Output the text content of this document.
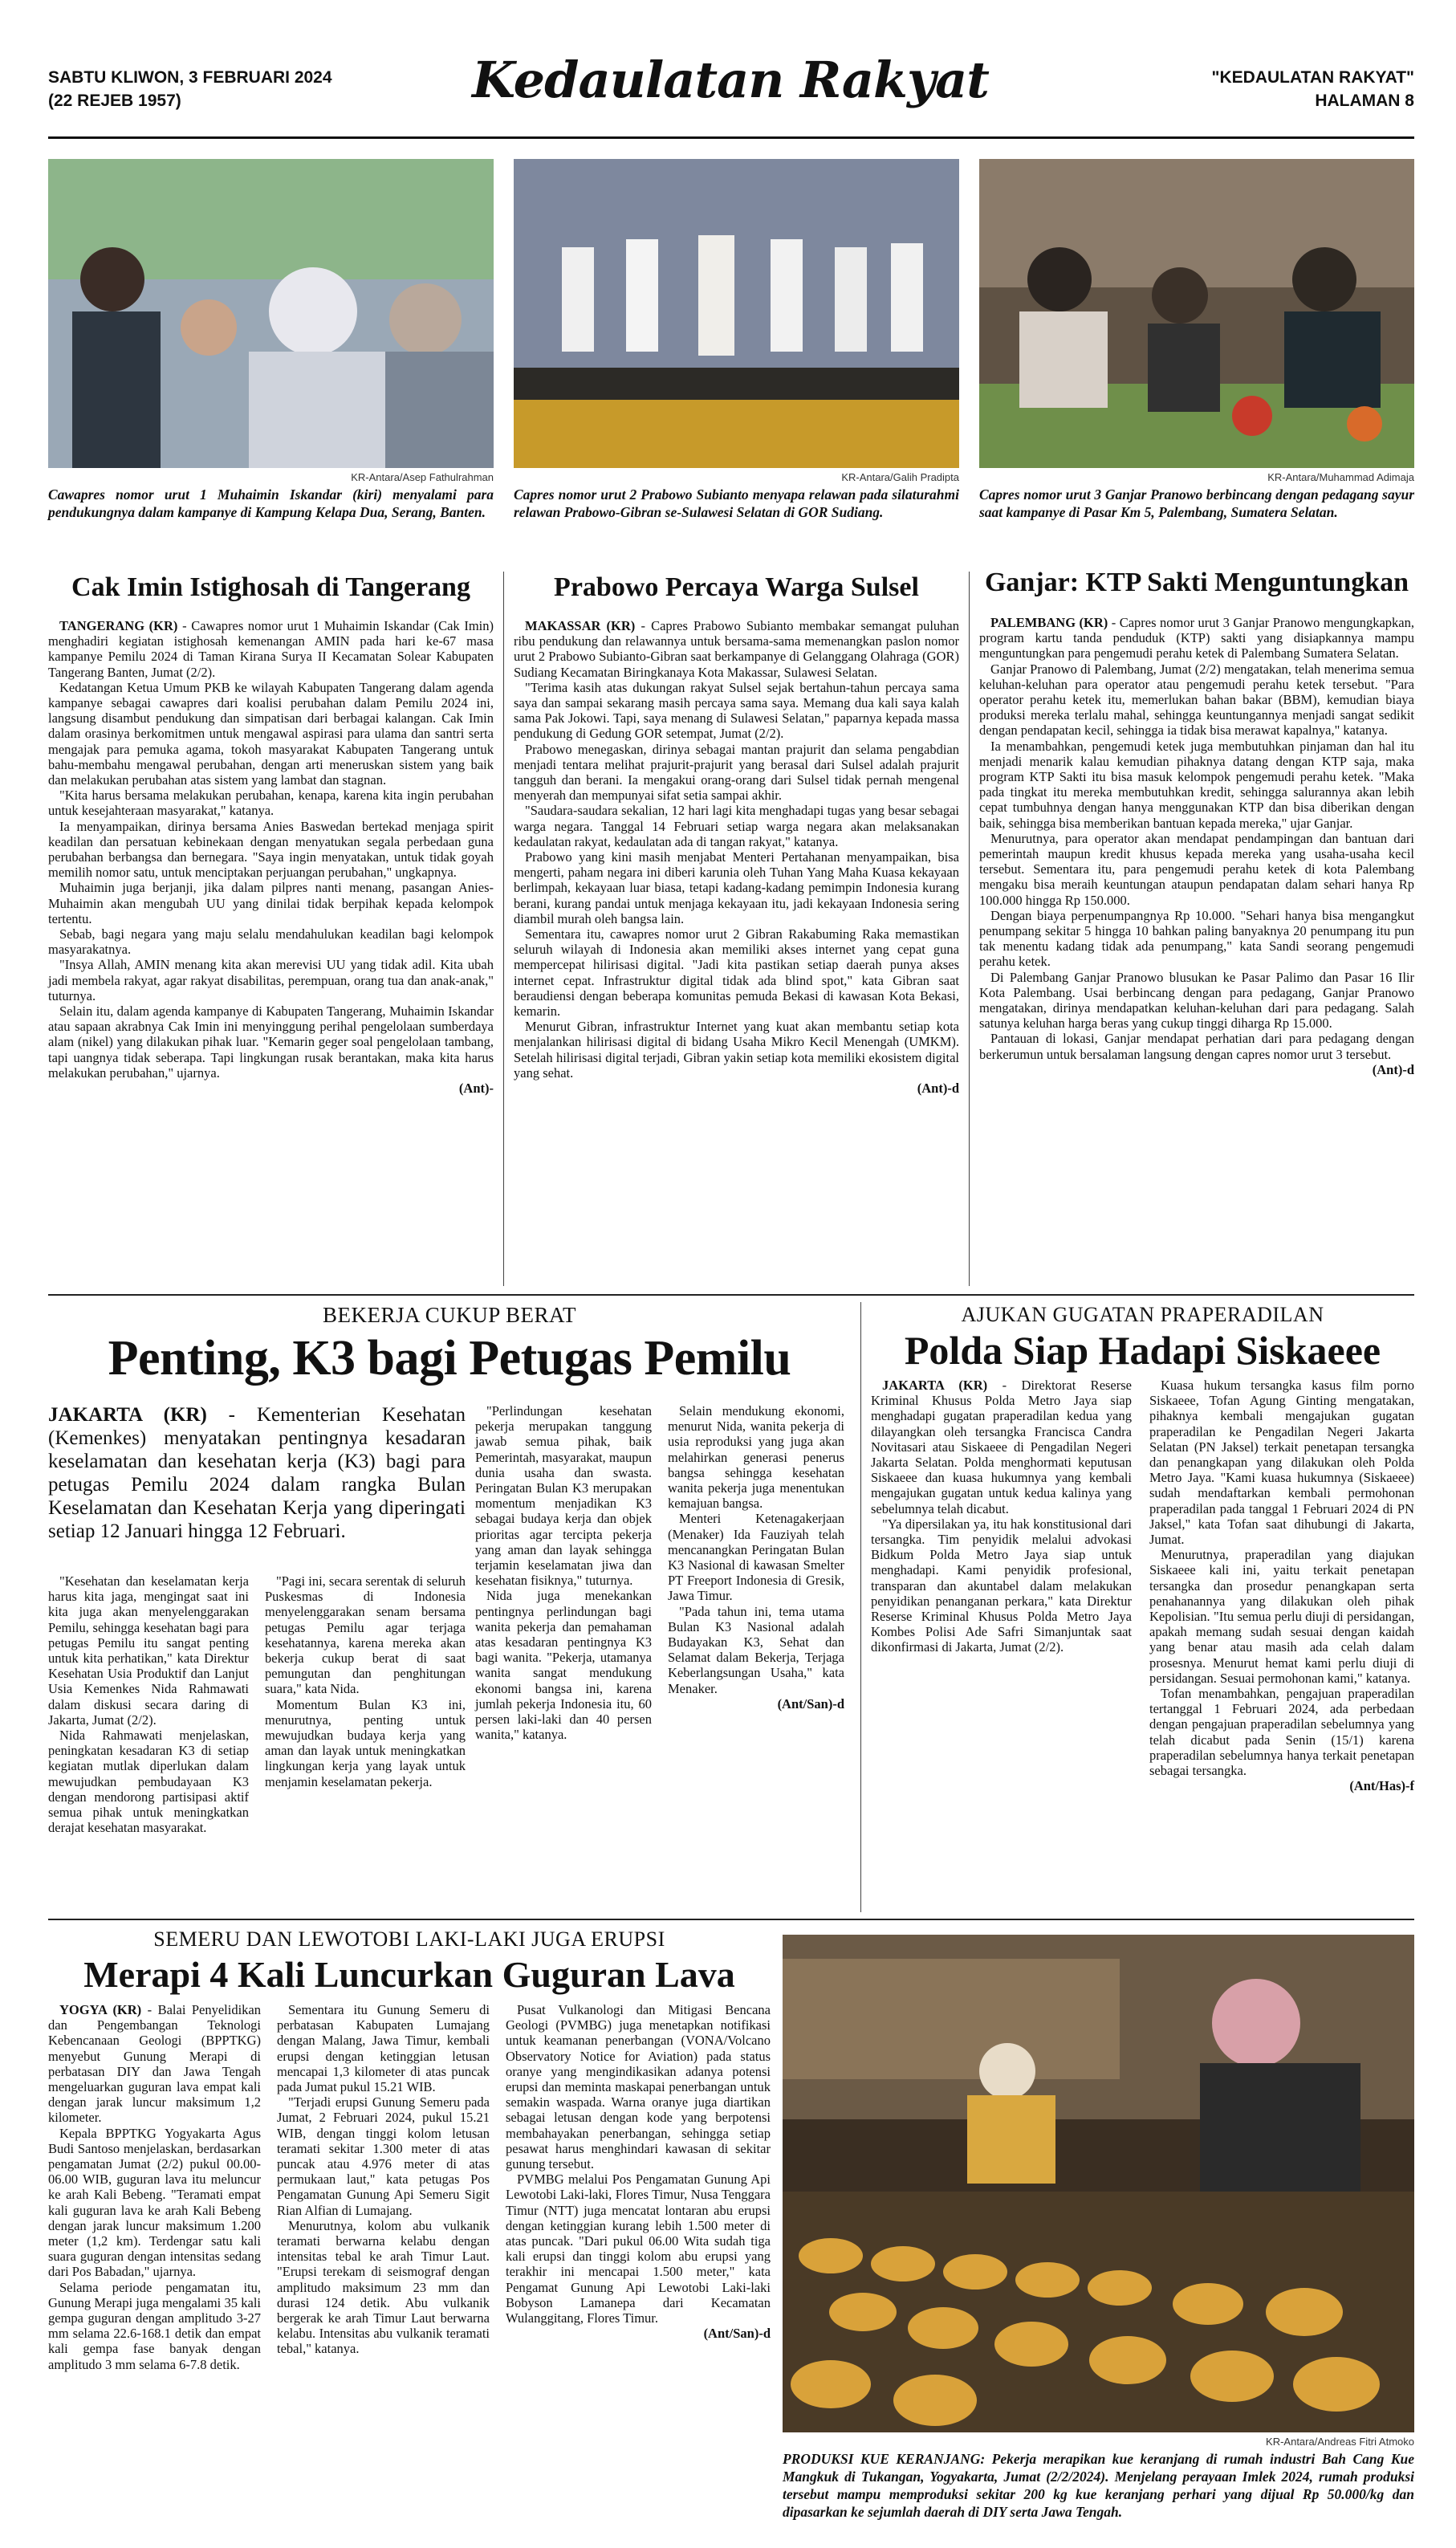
SABTU KLIWON, 3 FEBRUARI 2024
(22 REJEB 1957)	Kedaulatan Rakyat	"KEDAULATAN RAKYAT"
HALAMAN 8
KR-Antara/Asep Fathulrahman	KR-Antara/Galih Pradipta	KR-Antara/Muhammad Adimaja
Cawapres nomor urut 1 Muhaimin Iskandar (kiri) menyalami para pendukungnya dalam kampanye di Kampung Kelapa Dua, Serang, Banten.
Capres nomor urut 2 Prabowo Subianto menyapa relawan pada silaturahmi relawan Prabowo-Gibran se-Sulawesi Selatan di GOR Sudiang.
Capres nomor urut 3 Ganjar Pranowo berbincang dengan pedagang sayur saat kampanye di Pasar Km 5, Palembang, Sumatera Selatan.
Cak Imin Istighosah di Tangerang	Prabowo Percaya Warga Sulsel	Ganjar: KTP Sakti Menguntungkan

TANGERANG (KR) - Cawapres nomor urut 1 Muhaimin Iskandar (Cak Imin) menghadiri kegiatan istighosah kemenangan AMIN pada hari ke-67 masa kampanye Pemilu 2024 di Taman Kirana Surya II Kecamatan Solear Kabupaten Tangerang Banten, Jumat (2/2).

Kedatangan Ketua Umum PKB ke wilayah Kabupaten Tangerang dalam agenda kampanye sebagai cawapres dari koalisi perubahan dalam Pemilu 2024 ini, langsung disambut pendukung dan simpatisan dari berbagai kalangan. Cak Imin dalam orasinya berkomitmen untuk mengawal aspirasi para ulama dan santri serta mengajak para pemuka agama, tokoh masyarakat Kabupaten Tangerang untuk bahu-membahu mengawal perubahan, dengan arti meneruskan sistem yang baik dan melakukan perubahan atas sistem yang lambat dan stagnan.

"Kita harus bersama melakukan perubahan, kenapa, karena kita ingin perubahan untuk kesejahteraan masyarakat," katanya.

Ia menyampaikan, dirinya bersama Anies Baswedan bertekad menjaga spirit keadilan dan persatuan kebinekaan dengan menyatukan segala perbedaan guna perubahan berbangsa dan bernegara. "Saya ingin menyatakan, untuk tidak goyah memilih nomor satu, untuk menciptakan perjuangan perubahan," ungkapnya.

Muhaimin juga berjanji, jika dalam pilpres nanti menang, pasangan Anies-Muhaimin akan mengubah UU yang dinilai tidak berpihak kepada kelompok tertentu.

Sebab, bagi negara yang maju selalu mendahulukan keadilan bagi kelompok masyarakatnya.

"Insya Allah, AMIN menang kita akan merevisi UU yang tidak adil. Kita ubah jadi membela rakyat, agar rakyat disabilitas, perempuan, orang tua dan anak-anak," tuturnya.

Selain itu, dalam agenda kampanye di Kabupaten Tangerang, Muhaimin Iskandar atau sapaan akrabnya Cak Imin ini menyinggung perihal pengelolaan sumberdaya alam (nikel) yang dilakukan pihak luar. "Kemarin geger soal pengelolaan tambang, tapi uangnya tidak seberapa. Tapi lingkungan rusak berantakan, maka kita harus melakukan perubahan," ujarnya.

(Ant)-

MAKASSAR (KR) - Capres Prabowo Subianto membakar semangat puluhan ribu pendukung dan relawannya untuk bersama-sama memenangkan paslon nomor urut 2 Prabowo Subianto-Gibran saat berkampanye di Gelanggang Olahraga (GOR) Sudiang Kecamatan Biringkanaya Kota Makassar, Sulawesi Selatan.

"Terima kasih atas dukungan rakyat Sulsel sejak bertahun-tahun percaya sama saya dan sampai sekarang masih percaya sama saya. Memang dua kali saya kalah sama Pak Jokowi. Tapi, saya menang di Sulawesi Selatan," paparnya kepada massa pendukung di Gedung GOR setempat, Jumat (2/2).

Prabowo menegaskan, dirinya sebagai mantan prajurit dan selama pengabdian menjadi tentara melihat prajurit-prajurit yang berasal dari Sulsel adalah prajurit tangguh dan berani. Ia mengakui orang-orang dari Sulsel tidak pernah mengenal menyerah dan mempunyai sifat setia sampai akhir.

"Saudara-saudara sekalian, 12 hari lagi kita menghadapi tugas yang besar sebagai warga negara. Tanggal 14 Februari setiap warga negara akan melaksanakan kedaulatan rakyat, kedaulatan ada di tangan rakyat," katanya.

Prabowo yang kini masih menjabat Menteri Pertahanan menyampaikan, bisa mengerti, paham negara ini diberi karunia oleh Tuhan Yang Maha Kuasa kekayaan berlimpah, kekayaan luar biasa, tetapi kadang-kadang pemimpin Indonesia kurang berani, kurang pandai untuk menjaga kekayaan itu, jadi kekayaan Indonesia sering diambil murah oleh bangsa lain.

Sementara itu, cawapres nomor urut 2 Gibran Rakabuming Raka memastikan seluruh wilayah di Indonesia akan memiliki akses internet yang cepat guna mempercepat hilirisasi digital. "Jadi kita pastikan setiap daerah punya akses internet cepat. Infrastruktur digital tidak ada blind spot," kata Gibran saat beraudiensi dengan beberapa komunitas pemuda Bekasi di kawasan Kota Bekasi, kemarin.

Menurut Gibran, infrastruktur Internet yang kuat akan membantu setiap kota menjalankan hilirisasi digital di bidang Usaha Mikro Kecil Menengah (UMKM). Setelah hilirisasi digital terjadi, Gibran yakin setiap kota memiliki ekosistem digital yang sehat.

(Ant)-d

PALEMBANG (KR) - Capres nomor urut 3 Ganjar Pranowo mengungkapkan, program kartu tanda penduduk (KTP) sakti yang disiapkannya mampu menguntungkan para pengemudi perahu ketek di Palembang Sumatera Selatan.

Ganjar Pranowo di Palembang, Jumat (2/2) mengatakan, telah menerima semua keluhan-keluhan para operator atau pengemudi perahu ketek tersebut. "Para operator perahu ketek itu, memerlukan bahan bakar (BBM), kemudian biaya produksi mereka terlalu mahal, sehingga keuntungannya menjadi sangat sedikit dengan pendapatan kecil, sehingga ia tidak bisa merawat kapalnya," katanya.

Ia menambahkan, pengemudi ketek juga membutuhkan pinjaman dan hal itu menjadi menarik kalau kemudian pihaknya datang dengan KTP saja, maka program KTP Sakti itu bisa masuk kelompok pengemudi perahu ketek. "Maka pada tingkat itu mereka membutuhkan kredit, sehingga salurannya akan lebih cepat tumbuhnya dengan hanya menggunakan KTP dan bisa diberikan dengan baik, sehingga bisa memberikan bantuan kepada mereka," ujar Ganjar.

Menurutnya, para operator akan mendapat pendampingan dan bantuan dari pemerintah maupun kredit khusus kepada mereka yang usaha-usaha kecil tersebut. Sementara itu, para pengemudi perahu ketek di kota Palembang mengaku bisa meraih keuntungan ataupun pendapatan dalam sehari hanya Rp 100.000 hingga Rp 150.000.

Dengan biaya perpenumpangnya Rp 10.000. "Sehari hanya bisa mengangkut penumpang sekitar 5 hingga 10 bahkan paling banyaknya 20 penumpang itu pun tak menentu kadang tidak ada penumpang," kata Sandi seorang pengemudi perahu ketek.

Di Palembang Ganjar Pranowo blusukan ke Pasar Palimo dan Pasar 16 Ilir Kota Palembang. Usai berbincang dengan para pedagang, Ganjar Pranowo mengatakan, dirinya mendapatkan keluhan-keluhan dari para pedagang. Salah satunya keluhan harga beras yang cukup tinggi diharga Rp 15.000.

Pantauan di lokasi, Ganjar mendapat perhatian dari para pedagang dengan berkerumun untuk bersalaman langsung dengan capres nomor urut 3 tersebut.

(Ant)-d
BEKERJA CUKUP BERAT
Penting, K3 bagi Petugas Pemilu
JAKARTA (KR) - Kementerian Kesehatan (Kemenkes) menyatakan pentingnya kesadaran keselamatan dan kesehatan kerja (K3) bagi para petugas Pemilu 2024 dalam rangka Bulan Keselamatan dan Kesehatan Kerja yang diperingati setiap 12 Januari hingga 12 Februari.

"Kesehatan dan keselamatan kerja harus kita jaga, mengingat saat ini kita juga akan menyelenggarakan Pemilu, sehingga kesehatan bagi para petugas Pemilu itu sangat penting untuk kita perhatikan," kata Direktur Kesehatan Usia Produktif dan Lanjut Usia Kemenkes Nida Rahmawati dalam diskusi secara daring di Jakarta, Jumat (2/2).

Nida Rahmawati menjelaskan, peningkatan kesadaran K3 di setiap kegiatan mutlak diperlukan dalam mewujudkan pembudayaan K3 dengan mendorong partisipasi aktif semua pihak untuk meningkatkan derajat kesehatan masyarakat.

"Pagi ini, secara serentak di seluruh Puskesmas di Indonesia menyelenggarakan senam bersama petugas Pemilu agar terjaga kesehatannya, karena mereka akan bekerja cukup berat di saat pemungutan dan penghitungan suara," kata Nida.

Momentum Bulan K3 ini, menurutnya, penting untuk mewujudkan budaya kerja yang aman dan layak untuk meningkatkan lingkungan kerja yang layak untuk menjamin keselamatan pekerja.

"Perlindungan kesehatan pekerja merupakan tanggung jawab semua pihak, baik Pemerintah, masyarakat, maupun dunia usaha dan swasta. Peringatan Bulan K3 merupakan momentum menjadikan K3 sebagai budaya kerja dan objek prioritas agar tercipta pekerja yang aman dan layak sehingga terjamin keselamatan jiwa dan kesehatan fisiknya," tuturnya.

Nida juga menekankan pentingnya perlindungan bagi wanita pekerja dan pemahaman atas kesadaran pentingnya K3 bagi wanita. "Pekerja, utamanya wanita sangat mendukung ekonomi bangsa ini, karena jumlah pekerja Indonesia itu, 60 persen laki-laki dan 40 persen wanita," katanya.

Selain mendukung ekonomi, menurut Nida, wanita pekerja di usia reproduksi yang juga akan melahirkan generasi penerus bangsa sehingga kesehatan wanita pekerja juga menentukan kemajuan bangsa.

Menteri Ketenagakerjaan (Menaker) Ida Fauziyah telah mencanangkan Peringatan Bulan K3 Nasional di kawasan Smelter PT Freeport Indonesia di Gresik, Jawa Timur.

"Pada tahun ini, tema utama Bulan K3 Nasional adalah Budayakan K3, Sehat dan Selamat dalam Bekerja, Terjaga Keberlangsungan Usaha," kata Menaker.

(Ant/San)-d
AJUKAN GUGATAN PRAPERADILAN
Polda Siap Hadapi Siskaeee

JAKARTA (KR) - Direktorat Reserse Kriminal Khusus Polda Metro Jaya siap menghadapi gugatan praperadilan kedua yang dilayangkan oleh tersangka Francisca Candra Novitasari atau Siskaeee di Pengadilan Negeri Jakarta Selatan. Polda menghormati keputusan Siskaeee dan kuasa hukumnya yang kembali mengajukan gugatan untuk kedua kalinya yang sebelumnya telah dicabut.

"Ya dipersilakan ya, itu hak konstitusional dari tersangka. Tim penyidik melalui advokasi Bidkum Polda Metro Jaya siap untuk menghadapi. Kami penyidik profesional, transparan dan akuntabel dalam melakukan penyidikan penanganan perkara," kata Direktur Reserse Kriminal Khusus Polda Metro Jaya Kombes Polisi Ade Safri Simanjuntak saat dikonfirmasi di Jakarta, Jumat (2/2).

Kuasa hukum tersangka kasus film porno Siskaeee, Tofan Agung Ginting mengatakan, pihaknya kembali mengajukan gugatan praperadilan ke Pengadilan Negeri Jakarta Selatan (PN Jaksel) terkait penetapan tersangka dan penangkapan yang dilakukan oleh Polda Metro Jaya. "Kami kuasa hukumnya (Siskaeee) sudah mendaftarkan kembali permohonan praperadilan pada tanggal 1 Februari 2024 di PN Jaksel," kata Tofan saat dihubungi di Jakarta, Jumat.

Menurutnya, praperadilan yang diajukan Siskaeee kali ini, yaitu terkait penetapan tersangka dan prosedur penangkapan serta penahanannya yang dilakukan oleh pihak Kepolisian. "Itu semua perlu diuji di persidangan, apakah memang sudah sesuai dengan kaidah yang benar atau masih ada celah dalam prosesnya. Menurut hemat kami perlu diuji di persidangan. Sesuai permohonan kami," katanya.

Tofan menambahkan, pengajuan praperadilan tertanggal 1 Februari 2024, ada perbedaan dengan pengajuan praperadilan sebelumnya yang telah dicabut pada Senin (15/1) karena praperadilan sebelumnya hanya terkait penetapan sebagai tersangka.

(Ant/Has)-f
SEMERU DAN LEWOTOBI LAKI-LAKI JUGA ERUPSI
Merapi 4 Kali Luncurkan Guguran Lava

YOGYA (KR) - Balai Penyelidikan dan Pengembangan Teknologi Kebencanaan Geologi (BPPTKG) menyebut Gunung Merapi di perbatasan DIY dan Jawa Tengah mengeluarkan guguran lava empat kali dengan jarak luncur maksimum 1,2 kilometer.

Kepala BPPTKG Yogyakarta Agus Budi Santoso menjelaskan, berdasarkan pengamatan Jumat (2/2) pukul 00.00-06.00 WIB, guguran lava itu meluncur ke arah Kali Bebeng. "Teramati empat kali guguran lava ke arah Kali Bebeng dengan jarak luncur maksimum 1.200 meter (1,2 km). Terdengar satu kali suara guguran dengan intensitas sedang dari Pos Babadan," ujarnya.

Selama periode pengamatan itu, Gunung Merapi juga mengalami 35 kali gempa guguran dengan amplitudo 3-27 mm selama 22.6-168.1 detik dan empat kali gempa fase banyak dengan amplitudo 3 mm selama 6-7.8 detik.

Sementara itu Gunung Semeru di perbatasan Kabupaten Lumajang dengan Malang, Jawa Timur, kembali erupsi dengan ketinggian letusan mencapai 1,3 kilometer di atas puncak pada Jumat pukul 15.21 WIB.

"Terjadi erupsi Gunung Semeru pada Jumat, 2 Februari 2024, pukul 15.21 WIB, dengan tinggi kolom letusan teramati sekitar 1.300 meter di atas puncak atau 4.976 meter di atas permukaan laut," kata petugas Pos Pengamatan Gunung Api Semeru Sigit Rian Alfian di Lumajang.

Menurutnya, kolom abu vulkanik teramati berwarna kelabu dengan intensitas tebal ke arah Timur Laut. "Erupsi terekam di seismograf dengan amplitudo maksimum 23 mm dan durasi 124 detik. Abu vulkanik bergerak ke arah Timur Laut berwarna kelabu. Intensitas abu vulkanik teramati tebal," katanya.

Pusat Vulkanologi dan Mitigasi Bencana Geologi (PVMBG) juga menetapkan notifikasi untuk keamanan penerbangan (VONA/Volcano Observatory Notice for Aviation) pada status oranye yang mengindikasikan adanya potensi erupsi dan meminta maskapai penerbangan untuk semakin waspada. Warna oranye juga diartikan sebagai letusan dengan kode yang berpotensi membahayakan penerbangan, sehingga setiap pesawat harus menghindari kawasan di sekitar gunung tersebut.

PVMBG melalui Pos Pengamatan Gunung Api Lewotobi Laki-laki, Flores Timur, Nusa Tenggara Timur (NTT) juga mencatat lontaran abu erupsi dengan ketinggian kurang lebih 1.500 meter di atas puncak. "Dari pukul 06.00 Wita sudah tiga kali erupsi dan tinggi kolom abu erupsi yang terakhir ini mencapai 1.500 meter," kata Pengamat Gunung Api Lewotobi Laki-laki Bobyson Lamanepa dari Kecamatan Wulanggitang, Flores Timur.

(Ant/San)-d
KR-Antara/Andreas Fitri Atmoko
PRODUKSI KUE KERANJANG: Pekerja merapikan kue keranjang di rumah industri Bah Cang Kue Mangkuk di Tukangan, Yogyakarta, Jumat (2/2/2024). Menjelang perayaan Imlek 2024, rumah produksi tersebut mampu memproduksi sekitar 200 kg kue keranjang perhari yang dijual Rp 50.000/kg dan dipasarkan ke sejumlah daerah di DIY serta Jawa Tengah.
